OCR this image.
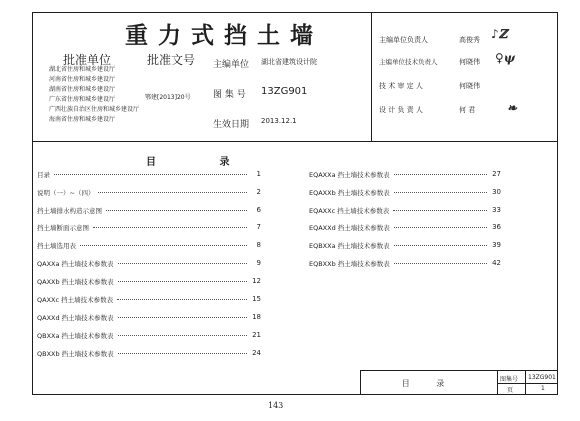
重力式挡土墙
批准单位	批准文号
湖北省住房和城乡建设厅
河南省住房和城乡建设厅
湖南省住房和城乡建设厅
广东省住房和城乡建设厅
广西壮族自治区住房和城乡建设厅
海南省住房和城乡建设厅
鄂建[2013]20号
主编单位 湖北省建筑设计院
图 集 号 13ZG901
生效日期 2013.12.1
主编单位负责人	高俊秀 ♪ℤ
主编单位技术负责人	何晓伟 ♀ψ
技 术 审 定 人	何晓伟
设 计 负 责 人	何 君	❧
目 录
目录	1
说明（一）~（四）	2
挡土墙排水构造示意图	6
挡土墙断面示意图	7
挡土墙选用表	8
QAXXa 挡土墙技术参数表	9
QAXXb 挡土墙技术参数表	12
QAXXc 挡土墙技术参数表	15
QAXXd 挡土墙技术参数表	18
QBXXa 挡土墙技术参数表	21
QBXXb 挡土墙技术参数表	24
EQAXXa 挡土墙技术参数表	27
EQAXXb 挡土墙技术参数表	30
EQAXXc 挡土墙技术参数表	33
EQAXXd 挡土墙技术参数表	36
EQBXXa 挡土墙技术参数表	39
EQBXXb 挡土墙技术参数表	42
目 录	图集号 13ZG901
页	1
143
